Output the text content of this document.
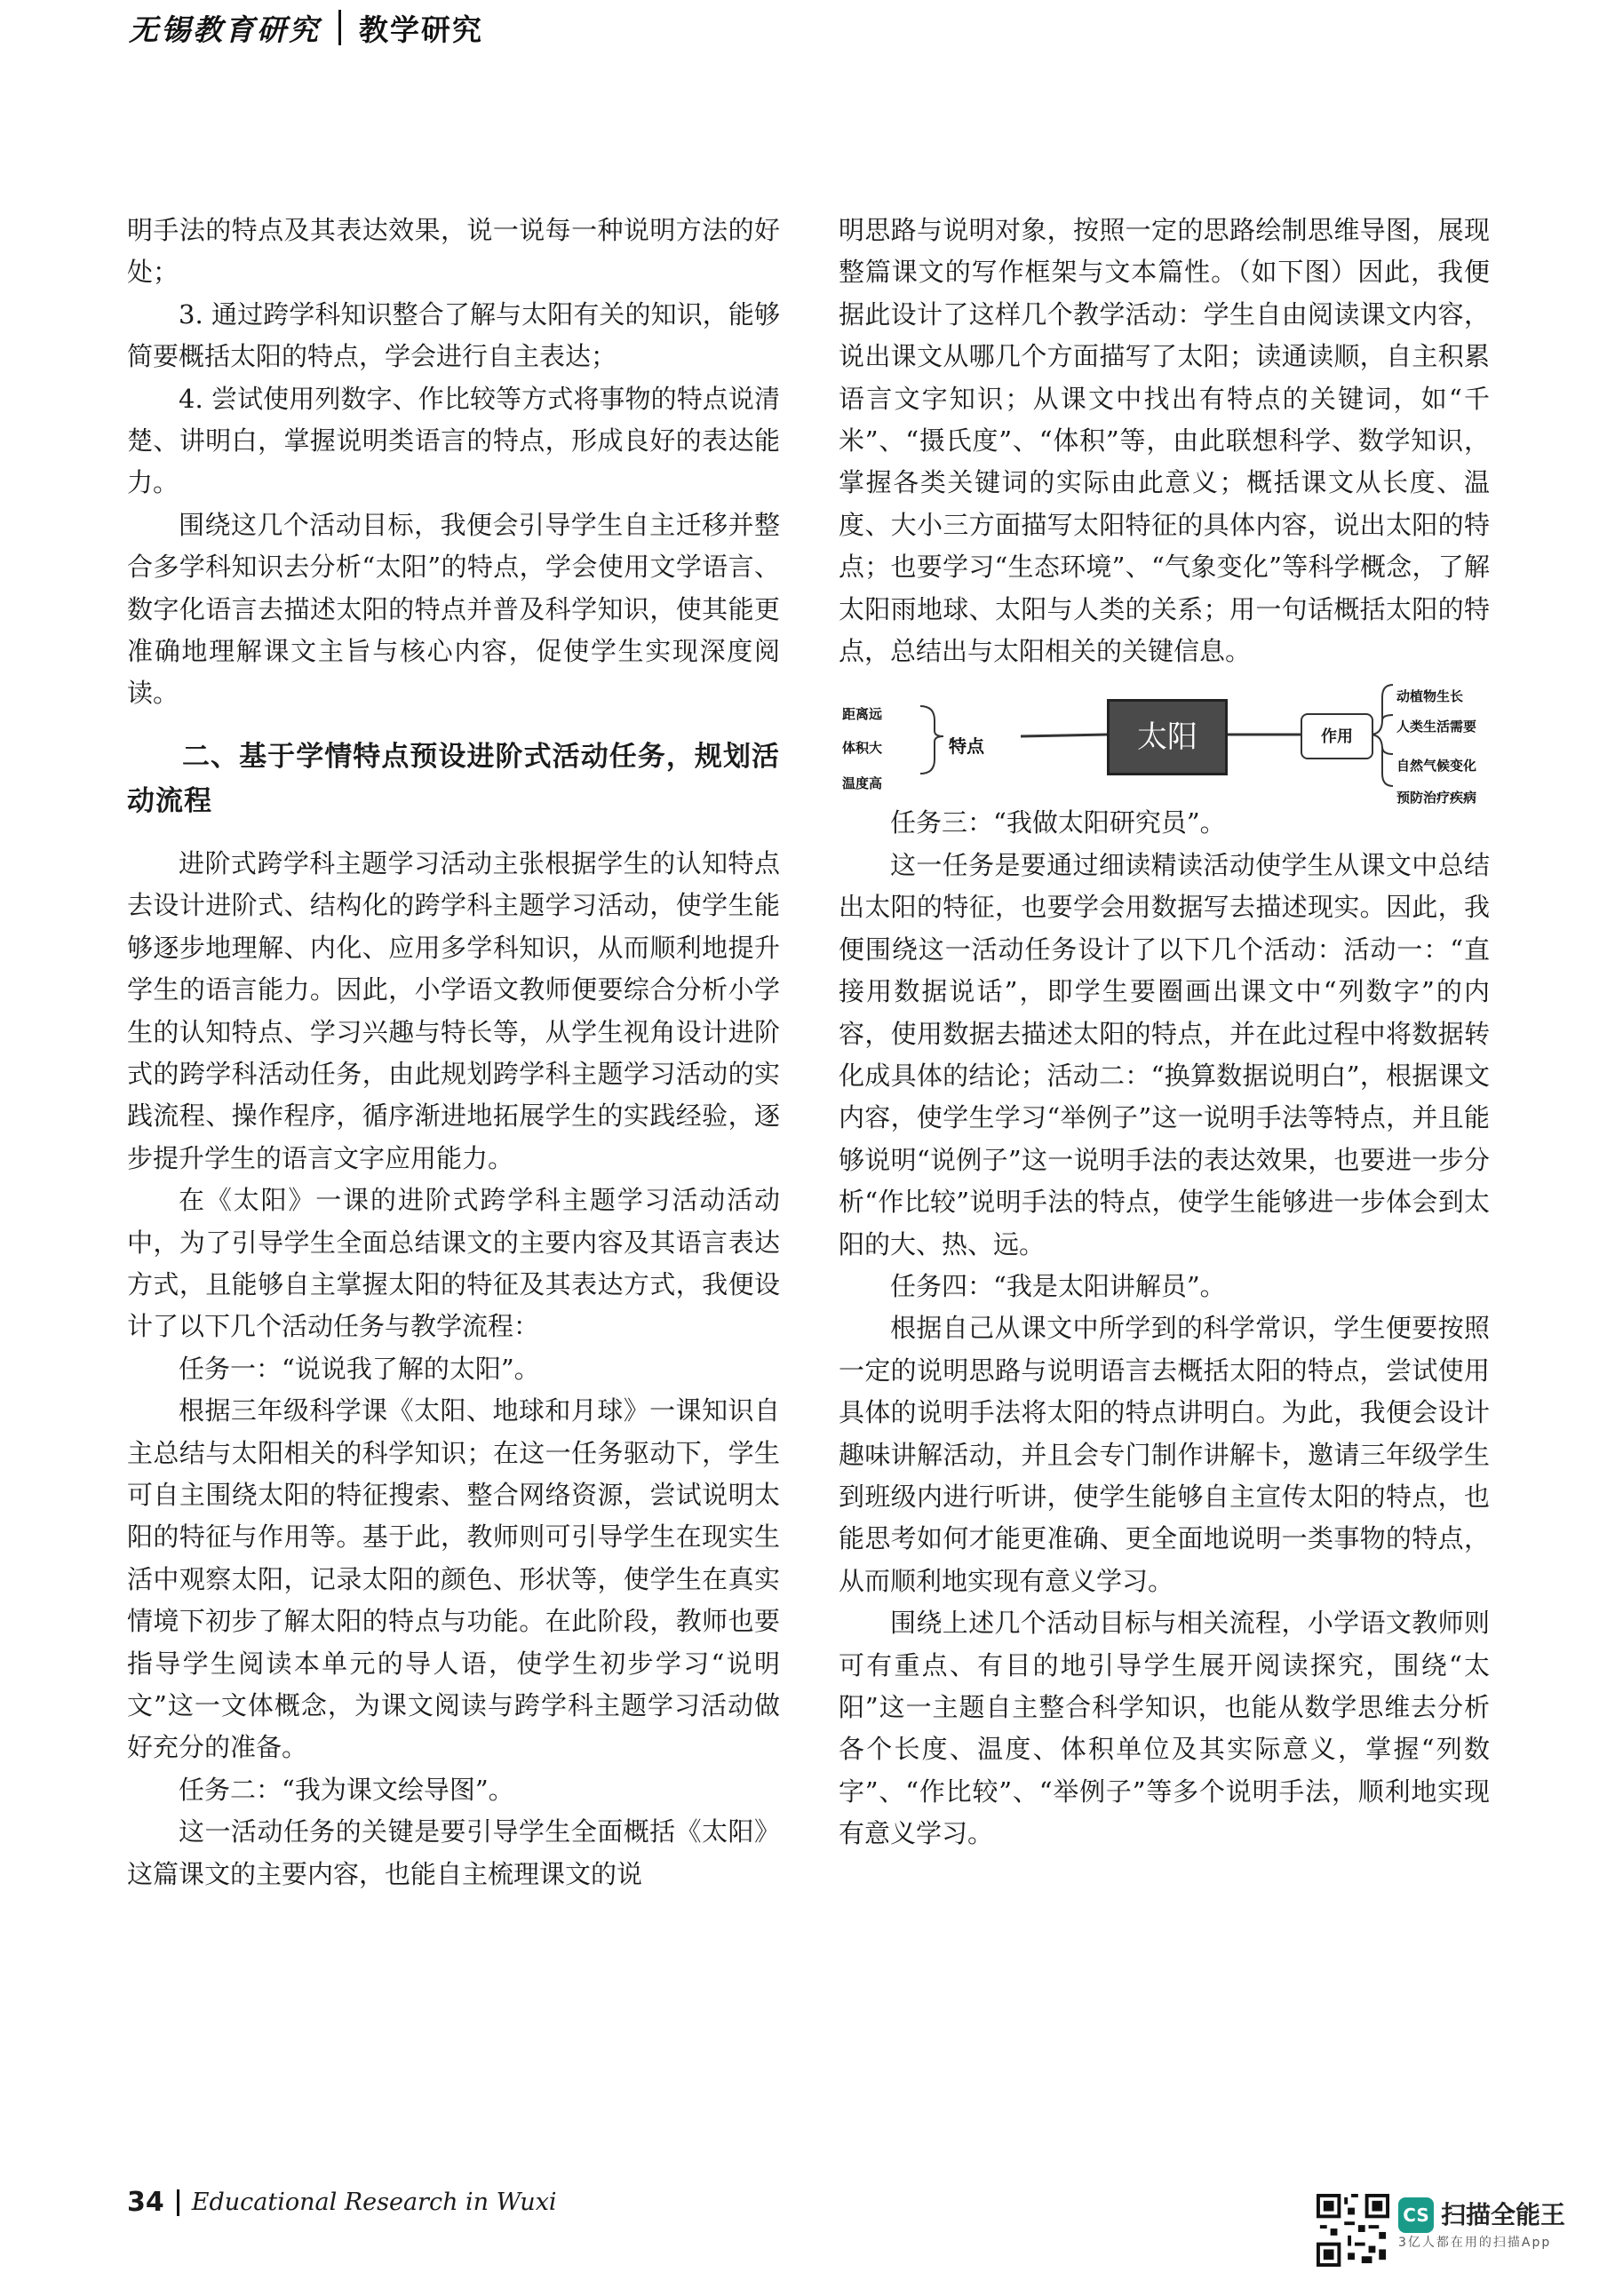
无锡教育研究 教学研究

明手法的特点及其表达效果，说一说每一种说明方法的好处；

3. 通过跨学科知识整合了解与太阳有关的知识，能够简要概括太阳的特点，学会进行自主表达；

4. 尝试使用列数字、作比较等方式将事物的特点说清楚、讲明白，掌握说明类语言的特点，形成良好的表达能力。

围绕这几个活动目标，我便会引导学生自主迁移并整合多学科知识去分析“太阳”的特点，学会使用文学语言、数字化语言去描述太阳的特点并普及科学知识，使其能更准确地理解课文主旨与核心内容，促使学生实现深度阅读。

二、基于学情特点预设进阶式活动任务，规划活动流程

进阶式跨学科主题学习活动主张根据学生的认知特点去设计进阶式、结构化的跨学科主题学习活动，使学生能够逐步地理解、内化、应用多学科知识，从而顺利地提升学生的语言能力。因此，小学语文教师便要综合分析小学生的认知特点、学习兴趣与特长等，从学生视角设计进阶式的跨学科活动任务，由此规划跨学科主题学习活动的实践流程、操作程序，循序渐进地拓展学生的实践经验，逐步提升学生的语言文字应用能力。

在《太阳》一课的进阶式跨学科主题学习活动活动中，为了引导学生全面总结课文的主要内容及其语言表达方式，且能够自主掌握太阳的特征及其表达方式，我便设计了以下几个活动任务与教学流程：

任务一：“说说我了解的太阳”。

根据三年级科学课《太阳、地球和月球》一课知识自主总结与太阳相关的科学知识；在这一任务驱动下，学生可自主围绕太阳的特征搜索、整合网络资源，尝试说明太阳的特征与作用等。基于此，教师则可引导学生在现实生活中观察太阳，记录太阳的颜色、形状等，使学生在真实情境下初步了解太阳的特点与功能。在此阶段，教师也要指导学生阅读本单元的导人语，使学生初步学习“说明文”这一文体概念，为课文阅读与跨学科主题学习活动做好充分的准备。

任务二：“我为课文绘导图”。

这一活动任务的关键是要引导学生全面概括《太阳》这篇课文的主要内容，也能自主梳理课文的说

明思路与说明对象，按照一定的思路绘制思维导图，展现整篇课文的写作框架与文本篇性。（如下图）因此，我便据此设计了这样几个教学活动：学生自由阅读课文内容，说出课文从哪几个方面描写了太阳；读通读顺，自主积累语言文字知识；从课文中找出有特点的关键词，如“千米”、“摄氏度”、“体积”等，由此联想科学、数学知识，掌握各类关键词的实际由此意义；概括课文从长度、温度、大小三方面描写太阳特征的具体内容，说出太阳的特点；也要学习“生态环境”、“气象变化”等科学概念，了解太阳雨地球、太阳与人类的关系；用一句话概括太阳的特点，总结出与太阳相关的关键信息。

距离远
体积大
温度高
特点	太阳	作用
动植物生长
人类生活需要
自然气候变化
预防治疗疾病

任务三：“我做太阳研究员”。

这一任务是要通过细读精读活动使学生从课文中总结出太阳的特征，也要学会用数据写去描述现实。因此，我便围绕这一活动任务设计了以下几个活动：活动一：“直接用数据说话”，即学生要圈画出课文中“列数字”的内容，使用数据去描述太阳的特点，并在此过程中将数据转化成具体的结论；活动二：“换算数据说明白”，根据课文内容，使学生学习“举例子”这一说明手法等特点，并且能够说明“说例子”这一说明手法的表达效果，也要进一步分析“作比较”说明手法的特点，使学生能够进一步体会到太阳的大、热、远。

任务四：“我是太阳讲解员”。

根据自己从课文中所学到的科学常识，学生便要按照一定的说明思路与说明语言去概括太阳的特点，尝试使用具体的说明手法将太阳的特点讲明白。为此，我便会设计趣味讲解活动，并且会专门制作讲解卡，邀请三年级学生到班级内进行听讲，使学生能够自主宣传太阳的特点，也能思考如何才能更准确、更全面地说明一类事物的特点，从而顺利地实现有意义学习。

围绕上述几个活动目标与相关流程，小学语文教师则可有重点、有目的地引导学生展开阅读探究，围绕“太阳”这一主题自主整合科学知识，也能从数学思维去分析各个长度、温度、体积单位及其实际意义，掌握“列数字”、“作比较”、“举例子”等多个说明手法，顺利地实现有意义学习。

34 Educational Research in Wuxi	CS 扫描全能王
3亿人都在用的扫描App
